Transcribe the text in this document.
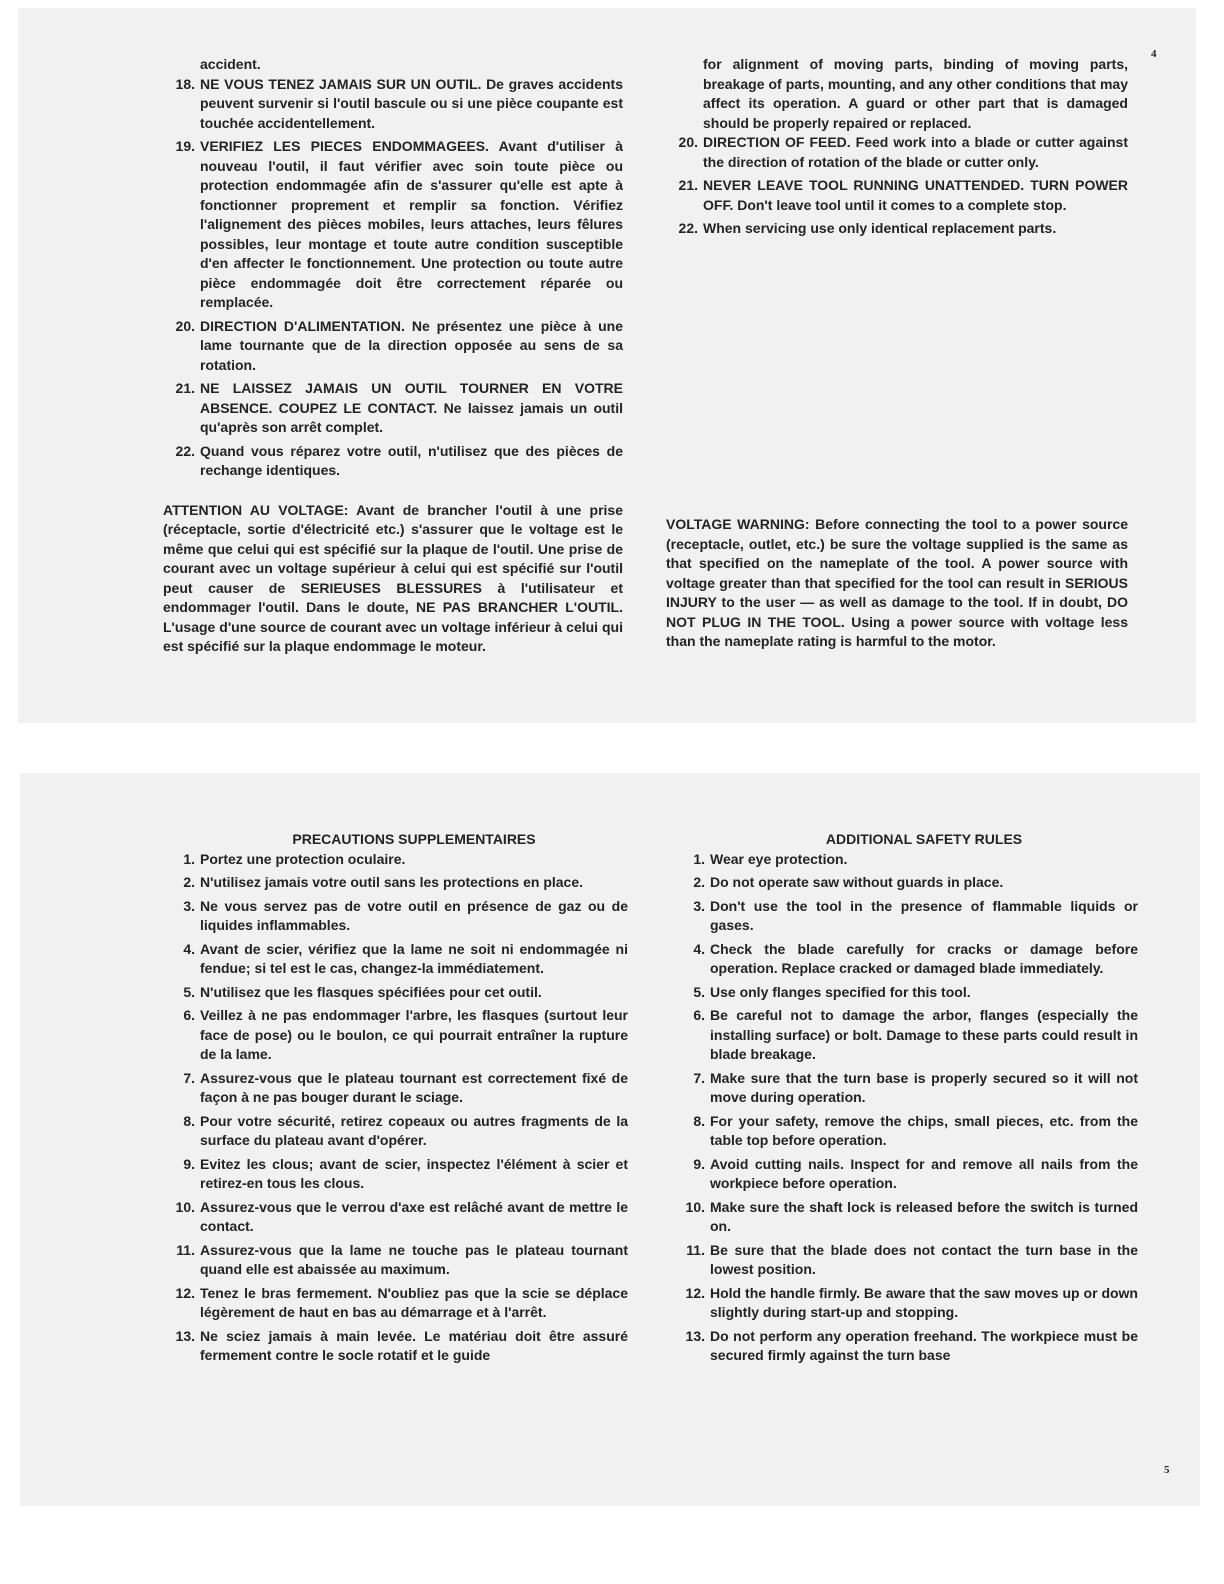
accident.

18. NE VOUS TENEZ JAMAIS SUR UN OUTIL. De graves accidents peuvent survenir si l'outil bascule ou si une pièce coupante est touchée accidentellement.
19. VERIFIEZ LES PIECES ENDOMMAGEES. Avant d'utiliser à nouveau l'outil, il faut vérifier avec soin toute pièce ou protection endommagée afin de s'assurer qu'elle est apte à fonctionner proprement et remplir sa fonction. Vérifiez l'alignement des pièces mobiles, leurs attaches, leurs fêlures possibles, leur montage et toute autre condition susceptible d'en affecter le fonctionnement. Une protection ou toute autre pièce endommagée doit être correctement réparée ou remplacée.
20. DIRECTION D'ALIMENTATION. Ne présentez une pièce à une lame tournante que de la direction opposée au sens de sa rotation.
21. NE LAISSEZ JAMAIS UN OUTIL TOURNER EN VOTRE ABSENCE. COUPEZ LE CONTACT. Ne laissez jamais un outil qu'après son arrêt complet.
22. Quand vous réparez votre outil, n'utilisez que des pièces de rechange identiques.

ATTENTION AU VOLTAGE: Avant de brancher l'outil à une prise (réceptacle, sortie d'électricité etc.) s'assurer que le voltage est le même que celui qui est spécifié sur la plaque de l'outil. Une prise de courant avec un voltage supérieur à celui qui est spécifié sur l'outil peut causer de SERIEUSES BLESSURES à l'utilisateur et endommager l'outil. Dans le doute, NE PAS BRANCHER L'OUTIL. L'usage d'une source de courant avec un voltage inférieur à celui qui est spécifié sur la plaque endommage le moteur.

for alignment of moving parts, binding of moving parts, breakage of parts, mounting, and any other conditions that may affect its operation. A guard or other part that is damaged should be properly repaired or replaced.

20. DIRECTION OF FEED. Feed work into a blade or cutter against the direction of rotation of the blade or cutter only.
21. NEVER LEAVE TOOL RUNNING UNATTENDED. TURN POWER OFF. Don't leave tool until it comes to a complete stop.
22. When servicing use only identical replacement parts.

VOLTAGE WARNING: Before connecting the tool to a power source (receptacle, outlet, etc.) be sure the voltage supplied is the same as that specified on the nameplate of the tool. A power source with voltage greater than that specified for the tool can result in SERIOUS INJURY to the user — as well as damage to the tool. If in doubt, DO NOT PLUG IN THE TOOL. Using a power source with voltage less than the nameplate rating is harmful to the motor.

4

PRECAUTIONS SUPPLEMENTAIRES

1. Portez une protection oculaire.
2. N'utilisez jamais votre outil sans les protections en place.
3. Ne vous servez pas de votre outil en présence de gaz ou de liquides inflammables.
4. Avant de scier, vérifiez que la lame ne soit ni endommagée ni fendue; si tel est le cas, changez-la immédiatement.
5. N'utilisez que les flasques spécifiées pour cet outil.
6. Veillez à ne pas endommager l'arbre, les flasques (surtout leur face de pose) ou le boulon, ce qui pourrait entraîner la rupture de la lame.
7. Assurez-vous que le plateau tournant est correctement fixé de façon à ne pas bouger durant le sciage.
8. Pour votre sécurité, retirez copeaux ou autres fragments de la surface du plateau avant d'opérer.
9. Evitez les clous; avant de scier, inspectez l'élément à scier et retirez-en tous les clous.
10. Assurez-vous que le verrou d'axe est relâché avant de mettre le contact.
11. Assurez-vous que la lame ne touche pas le plateau tournant quand elle est abaissée au maximum.
12. Tenez le bras fermement. N'oubliez pas que la scie se déplace légèrement de haut en bas au démarrage et à l'arrêt.
13. Ne sciez jamais à main levée. Le matériau doit être assuré fermement contre le socle rotatif et le guide

ADDITIONAL SAFETY RULES

1. Wear eye protection.
2. Do not operate saw without guards in place.
3. Don't use the tool in the presence of flammable liquids or gases.
4. Check the blade carefully for cracks or damage before operation. Replace cracked or damaged blade immediately.
5. Use only flanges specified for this tool.
6. Be careful not to damage the arbor, flanges (especially the installing surface) or bolt. Damage to these parts could result in blade breakage.
7. Make sure that the turn base is properly secured so it will not move during operation.
8. For your safety, remove the chips, small pieces, etc. from the table top before operation.
9. Avoid cutting nails. Inspect for and remove all nails from the workpiece before operation.
10. Make sure the shaft lock is released before the switch is turned on.
11. Be sure that the blade does not contact the turn base in the lowest position.
12. Hold the handle firmly. Be aware that the saw moves up or down slightly during start-up and stopping.
13. Do not perform any operation freehand. The workpiece must be secured firmly against the turn base
5
